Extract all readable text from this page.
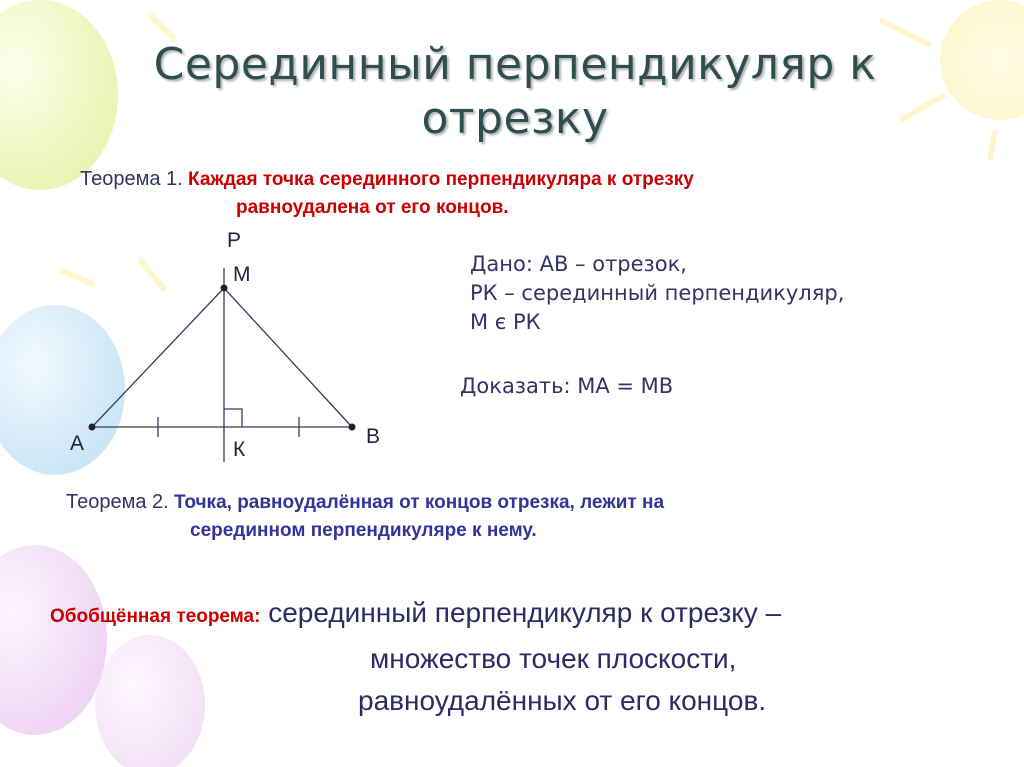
Серединный перпендикуляр к
отрезку
Теорема 1. Каждая точка серединного перпендикуляра к отрезку
равноудалена от его концов.
Р
М
А	В
К
Дано: АВ – отрезок,
РК – серединный перпендикуляр,
М є РК
Доказать: МА = МВ
Теорема 2. Точка, равноудалённая от концов отрезка, лежит на
серединном перпендикуляре к нему.
Обобщённая теорема: серединный перпендикуляр к отрезку –
множество точек плоскости,
равноудалённых от его концов.
